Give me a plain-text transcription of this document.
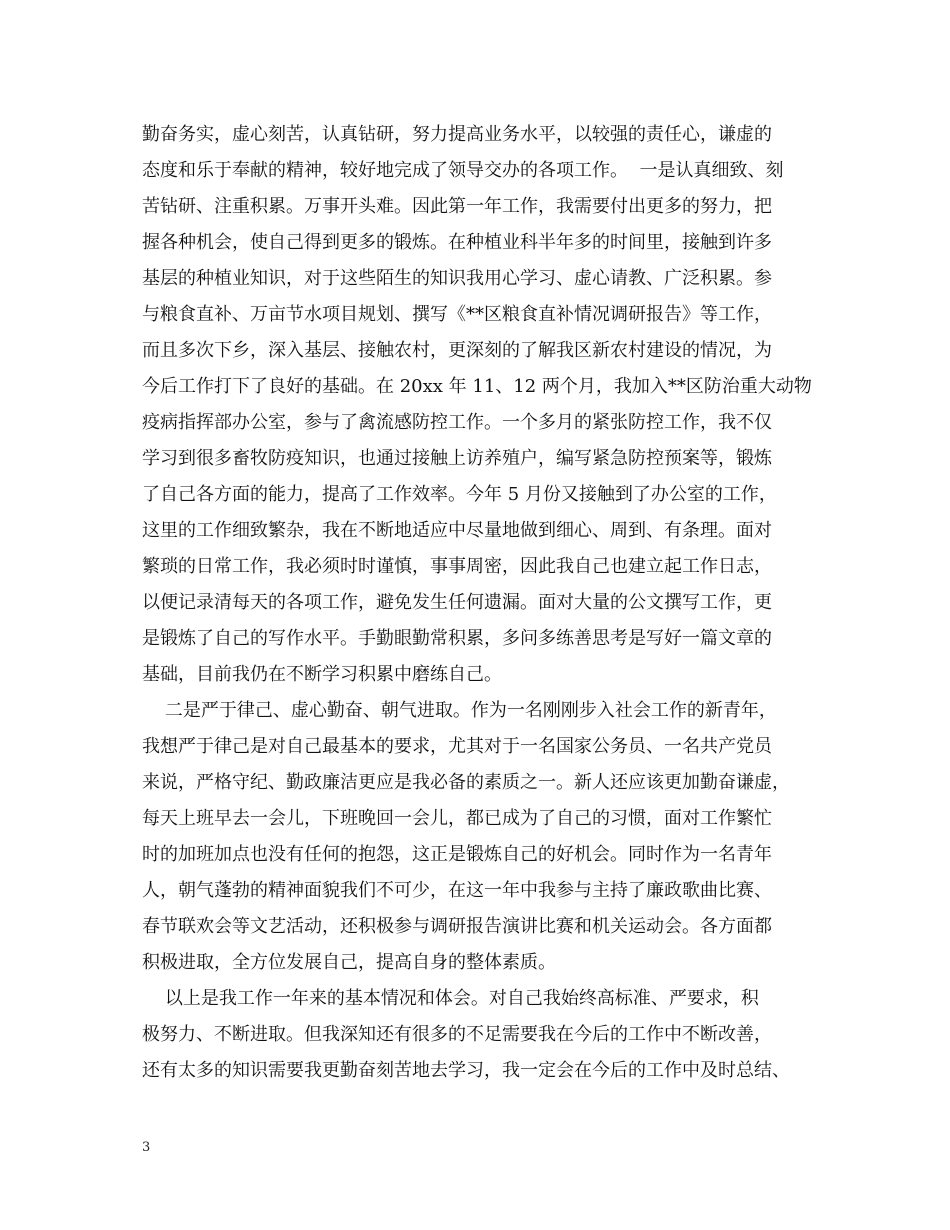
勤奋务实，虚心刻苦，认真钻研，努力提高业务水平，以较强的责任心，谦虚的
态度和乐于奉献的精神，较好地完成了领导交办的各项工作。  一是认真细致、刻
苦钻研、注重积累。万事开头难。因此第一年工作，我需要付出更多的努力，把
握各种机会，使自己得到更多的锻炼。在种植业科半年多的时间里，接触到许多
基层的种植业知识，对于这些陌生的知识我用心学习、虚心请教、广泛积累。参
与粮食直补、万亩节水项目规划、撰写《**区粮食直补情况调研报告》等工作，
而且多次下乡，深入基层、接触农村，更深刻的了解我区新农村建设的情况，为
今后工作打下了良好的基础。在 20xx 年 11、12 两个月，我加入**区防治重大动物
疫病指挥部办公室，参与了禽流感防控工作。一个多月的紧张防控工作，我不仅
学习到很多畜牧防疫知识，也通过接触上访养殖户，编写紧急防控预案等，锻炼
了自己各方面的能力，提高了工作效率。今年 5 月份又接触到了办公室的工作，
这里的工作细致繁杂，我在不断地适应中尽量地做到细心、周到、有条理。面对
繁琐的日常工作，我必须时时谨慎，事事周密，因此我自己也建立起工作日志，
以便记录清每天的各项工作，避免发生任何遗漏。面对大量的公文撰写工作，更
是锻炼了自己的写作水平。手勤眼勤常积累，多问多练善思考是写好一篇文章的
基础，目前我仍在不断学习积累中磨练自己。
二是严于律己、虚心勤奋、朝气进取。作为一名刚刚步入社会工作的新青年，
我想严于律己是对自己最基本的要求，尤其对于一名国家公务员、一名共产党员
来说，严格守纪、勤政廉洁更应是我必备的素质之一。新人还应该更加勤奋谦虚，
每天上班早去一会儿，下班晚回一会儿，都已成为了自己的习惯，面对工作繁忙
时的加班加点也没有任何的抱怨，这正是锻炼自己的好机会。同时作为一名青年
人，朝气蓬勃的精神面貌我们不可少，在这一年中我参与主持了廉政歌曲比赛、
春节联欢会等文艺活动，还积极参与调研报告演讲比赛和机关运动会。各方面都
积极进取，全方位发展自己，提高自身的整体素质。
以上是我工作一年来的基本情况和体会。对自己我始终高标准、严要求，积
极努力、不断进取。但我深知还有很多的不足需要我在今后的工作中不断改善，
还有太多的知识需要我更勤奋刻苦地去学习，我一定会在今后的工作中及时总结、
3
